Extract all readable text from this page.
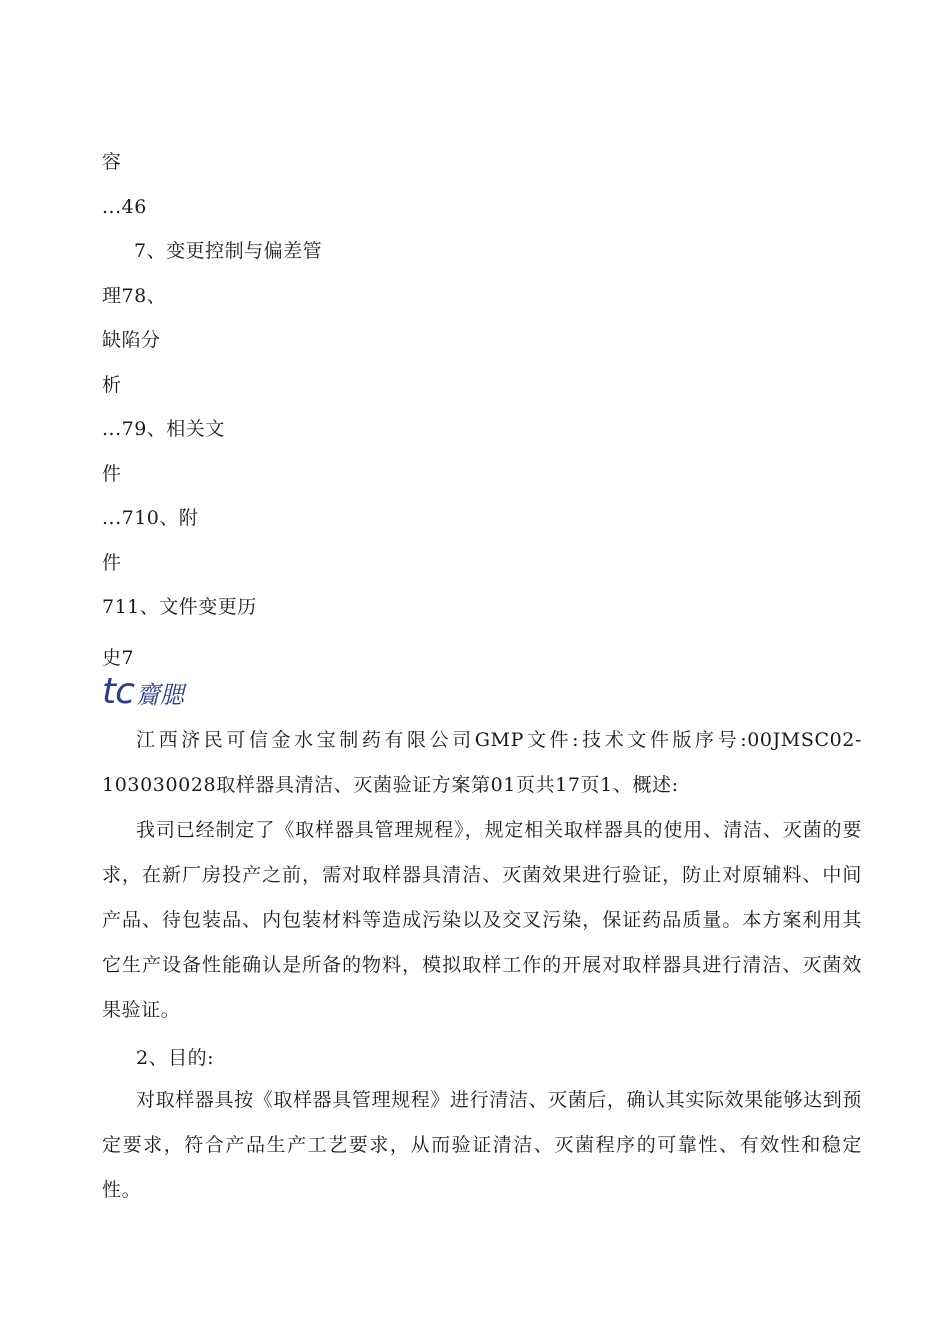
容
...46
7、变更控制与偏差管
理78、
缺陷分
析
...79、相关文
件
...710、附
件
711、文件变更历
史7
tc 齎腮

江西济民可信金水宝制药有限公司GMP文件:技术文件版序号:00JMSC02-103030028取样器具清洁、灭菌验证方案第01页共17页1、概述:

我司已经制定了《取样器具管理规程》，规定相关取样器具的使用、清洁、灭菌的要求，在新厂房投产之前，需对取样器具清洁、灭菌效果进行验证，防止对原辅料、中间产品、待包装品、内包装材料等造成污染以及交叉污染，保证药品质量。本方案利用其它生产设备性能确认是所备的物料，模拟取样工作的开展对取样器具进行清洁、灭菌效果验证。

2、目的:

对取样器具按《取样器具管理规程》进行清洁、灭菌后，确认其实际效果能够达到预定要求，符合产品生产工艺要求，从而验证清洁、灭菌程序的可靠性、有效性和稳定性。
